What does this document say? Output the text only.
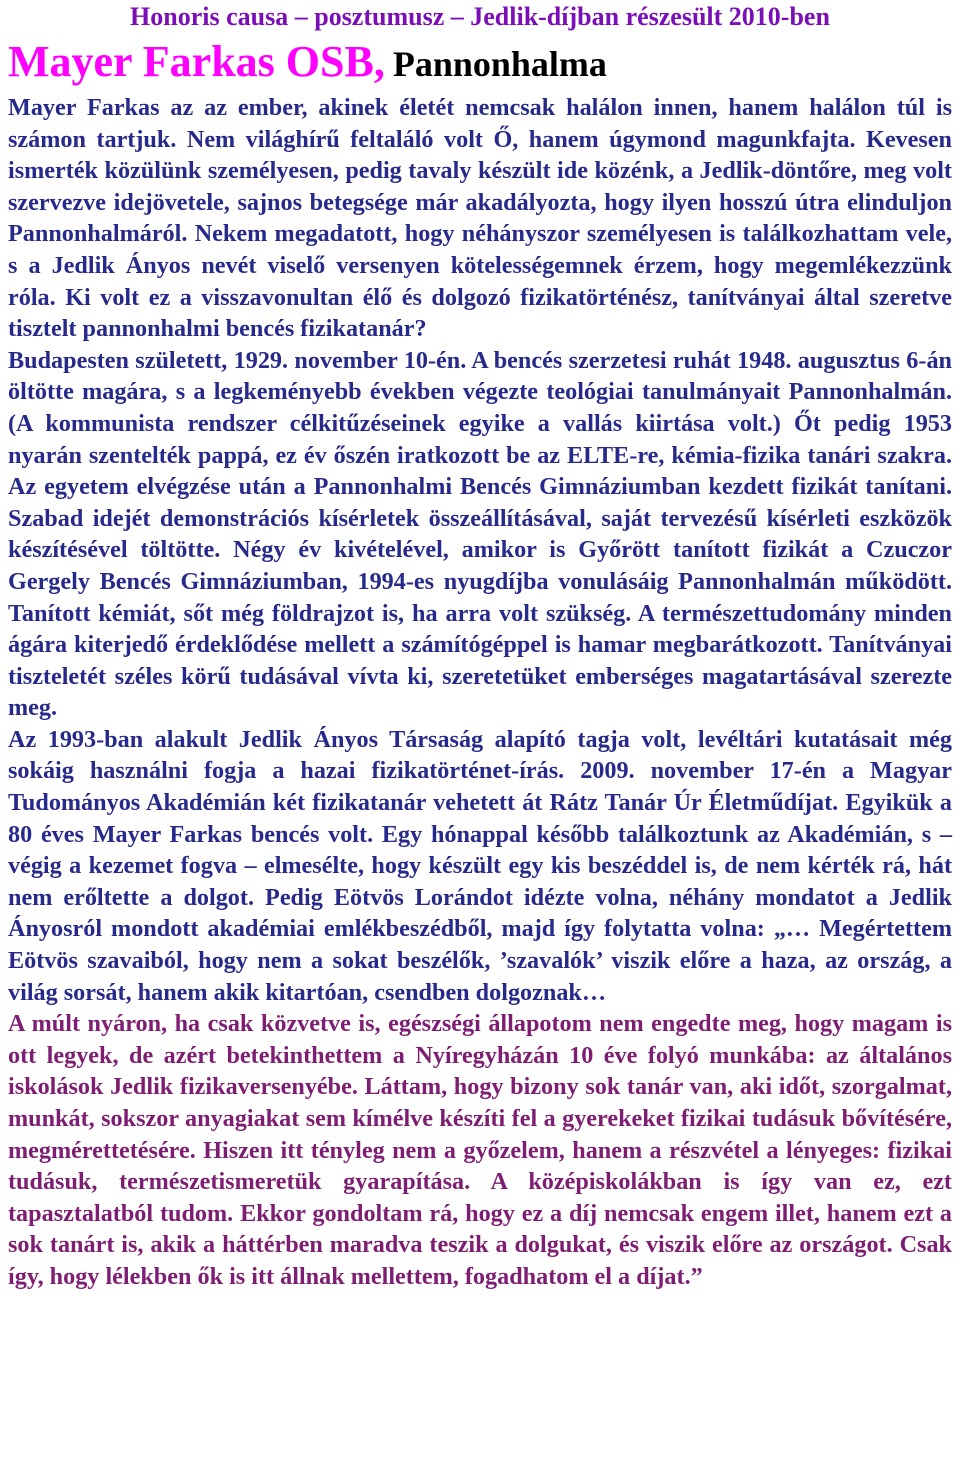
Honoris causa – posztumusz – Jedlik-díjban részesült 2010-ben
Mayer Farkas OSB, Pannonhalma

Mayer Farkas az az ember, akinek életét nemcsak halálon innen, hanem halálon túl is számon tartjuk. Nem világhírű feltaláló volt Ő, hanem úgymond magunkfajta. Kevesen ismerték közülünk személyesen, pedig tavaly készült ide közénk, a Jedlik-döntőre, meg volt szervezve idejövetele, sajnos betegsége már akadályozta, hogy ilyen hosszú útra elinduljon Pannonhalmáról. Nekem megadatott, hogy néhányszor személyesen is találkozhattam vele, s a Jedlik Ányos nevét viselő versenyen kötelességemnek érzem, hogy megemlékezzünk róla. Ki volt ez a visszavonultan élő és dolgozó fizikatörténész, tanítványai által szeretve tisztelt pannonhalmi bencés fizikatanár?

Budapesten született, 1929. november 10-én. A bencés szerzetesi ruhát 1948. augusztus 6-án öltötte magára, s a legkeményebb években végezte teológiai tanulmányait Pannonhalmán. (A kommunista rendszer célkitűzéseinek egyike a vallás kiirtása volt.) Őt pedig 1953 nyarán szentelték pappá, ez év őszén iratkozott be az ELTE-re, kémia-fizika tanári szakra. Az egyetem elvégzése után a Pannonhalmi Bencés Gimnáziumban kezdett fizikát tanítani. Szabad idejét demonstrációs kísérletek összeállításával, saját tervezésű kísérleti eszközök készítésével töltötte. Négy év kivételével, amikor is Győrött tanított fizikát a Czuczor Gergely Bencés Gimnáziumban, 1994-es nyugdíjba vonulásáig Pannonhalmán működött. Tanított kémiát, sőt még földrajzot is, ha arra volt szükség. A természettudomány minden ágára kiterjedő érdeklődése mellett a számítógéppel is hamar megbarátkozott. Tanítványai tiszteletét széles körű tudásával vívta ki, szeretetüket emberséges magatartásával szerezte meg.

Az 1993-ban alakult Jedlik Ányos Társaság alapító tagja volt, levéltári kutatásait még sokáig használni fogja a hazai fizikatörténet-írás. 2009. november 17-én a Magyar Tudományos Akadémián két fizikatanár vehetett át Rátz Tanár Úr Életműdíjat. Egyikük a 80 éves Mayer Farkas bencés volt. Egy hónappal később találkoztunk az Akadémián, s – végig a kezemet fogva – elmesélte, hogy készült egy kis beszéddel is, de nem kérték rá, hát nem erőltette a dolgot. Pedig Eötvös Lorándot idézte volna, néhány mondatot a Jedlik Ányosról mondott akadémiai emlékbeszédből, majd így folytatta volna: „… Megértettem Eötvös szavaiból, hogy nem a sokat beszélők, ’szavalók’ viszik előre a haza, az ország, a világ sorsát, hanem akik kitartóan, csendben dolgoznak…

A múlt nyáron, ha csak közvetve is, egészségi állapotom nem engedte meg, hogy magam is ott legyek, de azért betekinthettem a Nyíregyházán 10 éve folyó munkába: az általános iskolások Jedlik fizikaversenyébe. Láttam, hogy bizony sok tanár van, aki időt, szorgalmat, munkát, sokszor anyagiakat sem kímélve készíti fel a gyerekeket fizikai tudásuk bővítésére, megmérettetésére. Hiszen itt tényleg nem a győzelem, hanem a részvétel a lényeges: fizikai tudásuk, természetismeretük gyarapítása. A középiskolákban is így van ez, ezt tapasztalatból tudom. Ekkor gondoltam rá, hogy ez a díj nemcsak engem illet, hanem ezt a sok tanárt is, akik a háttérben maradva teszik a dolgukat, és viszik előre az országot. Csak így, hogy lélekben ők is itt állnak mellettem, fogadhatom el a díjat.”
